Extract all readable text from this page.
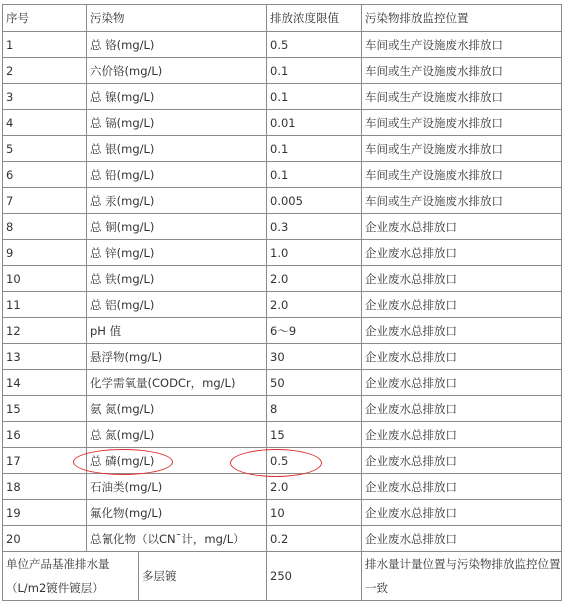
序号	污染物		排放浓度限值	污染物排放监控位置
1	总 铬(mg/L)		0.5	车间或生产设施废水排放口
2	六价铬(mg/L)		0.1	车间或生产设施废水排放口
3	总 镍(mg/L)		0.1	车间或生产设施废水排放口
4	总 镉(mg/L)		0.01	车间或生产设施废水排放口
5	总 银(mg/L)		0.1	车间或生产设施废水排放口
6	总 铅(mg/L)		0.1	车间或生产设施废水排放口
7	总 汞(mg/L)		0.005	车间或生产设施废水排放口
8	总 铜(mg/L)		0.3	企业废水总排放口
9	总 锌(mg/L)		1.0	企业废水总排放口
10	总 铁(mg/L)		2.0	企业废水总排放口
11	总 铝(mg/L)		2.0	企业废水总排放口
12	pH 值		6～9	企业废水总排放口
13	悬浮物(mg/L)		30	企业废水总排放口
14	化学需氧量(CODCr，mg/L)		50	企业废水总排放口
15	氨 氮(mg/L)		8	企业废水总排放口
16	总 氮(mg/L)		15	企业废水总排放口
17	总 磷(mg/L)		0.5	企业废水总排放口
18	石油类(mg/L)		2.0	企业废水总排放口
19	氟化物(mg/L)		10	企业废水总排放口
20	总氰化物（以CN¯计，mg/L）		0.2	企业废水总排放口
单位产品基准排水量（L/m2镀件镀层）		多层镀	250	排水量计量位置与污染物排放监控位置一致
